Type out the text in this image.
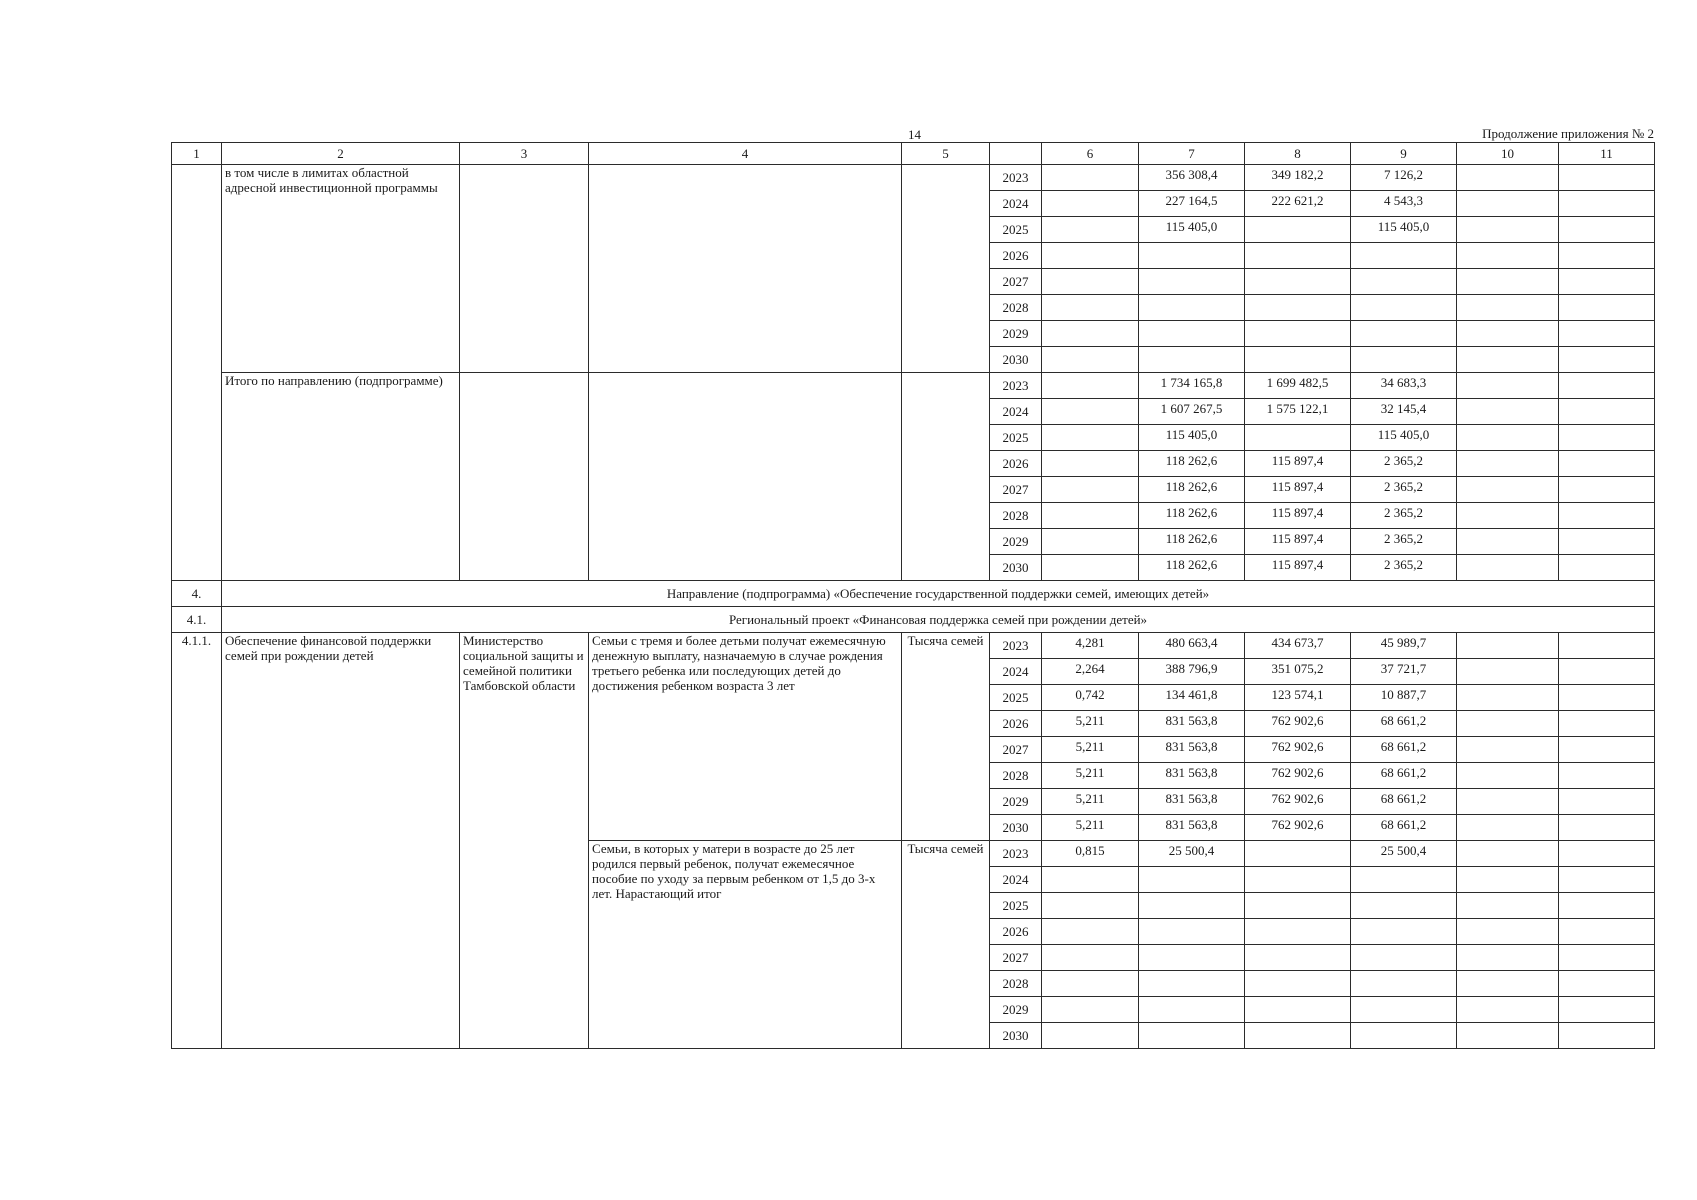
14	Продолжение приложения № 2
1	2	3	4	5		6	7	8	9	10	11
	в том числе в лимитах областной адресной инвестиционной программы				2023		356 308,4	349 182,2	7 126,2		
					2024		227 164,5	222 621,2	4 543,3		
					2025		115 405,0		115 405,0		
					2026						
					2027						
					2028						
					2029						
					2030						
	Итого по направлению (подпрограмме)				2023		1 734 165,8	1 699 482,5	34 683,3		
					2024		1 607 267,5	1 575 122,1	32 145,4		
					2025		115 405,0		115 405,0		
					2026		118 262,6	115 897,4	2 365,2		
					2027		118 262,6	115 897,4	2 365,2		
					2028		118 262,6	115 897,4	2 365,2		
					2029		118 262,6	115 897,4	2 365,2		
					2030		118 262,6	115 897,4	2 365,2		
4.	Направление (подпрограмма) «Обеспечение государственной поддержки семей, имеющих детей»										
4.1.	Региональный проект «Финансовая поддержка семей при рождении детей»										
4.1.1.	Обеспечение финансовой поддержки семей при рождении детей	Министерство социальной защиты и семейной политики Тамбовской области	Семьи с тремя и более детьми получат ежемесячную денежную выплату, назначаемую в случае рождения третьего ребенка или последующих детей до достижения ребенком возраста 3 лет	Тысяча семей	2023	4,281	480 663,4	434 673,7	45 989,7		
					2024	2,264	388 796,9	351 075,2	37 721,7		
					2025	0,742	134 461,8	123 574,1	10 887,7		
					2026	5,211	831 563,8	762 902,6	68 661,2		
					2027	5,211	831 563,8	762 902,6	68 661,2		
					2028	5,211	831 563,8	762 902,6	68 661,2		
					2029	5,211	831 563,8	762 902,6	68 661,2		
					2030	5,211	831 563,8	762 902,6	68 661,2		
			Семьи, в которых у матери в возрасте до 25 лет родился первый ребенок, получат ежемесячное пособие по уходу за первым ребенком от 1,5 до 3-х лет. Нарастающий итог	Тысяча семей	2023	0,815	25 500,4		25 500,4		
					2024						
					2025						
					2026						
					2027						
					2028						
					2029						
					2030						
